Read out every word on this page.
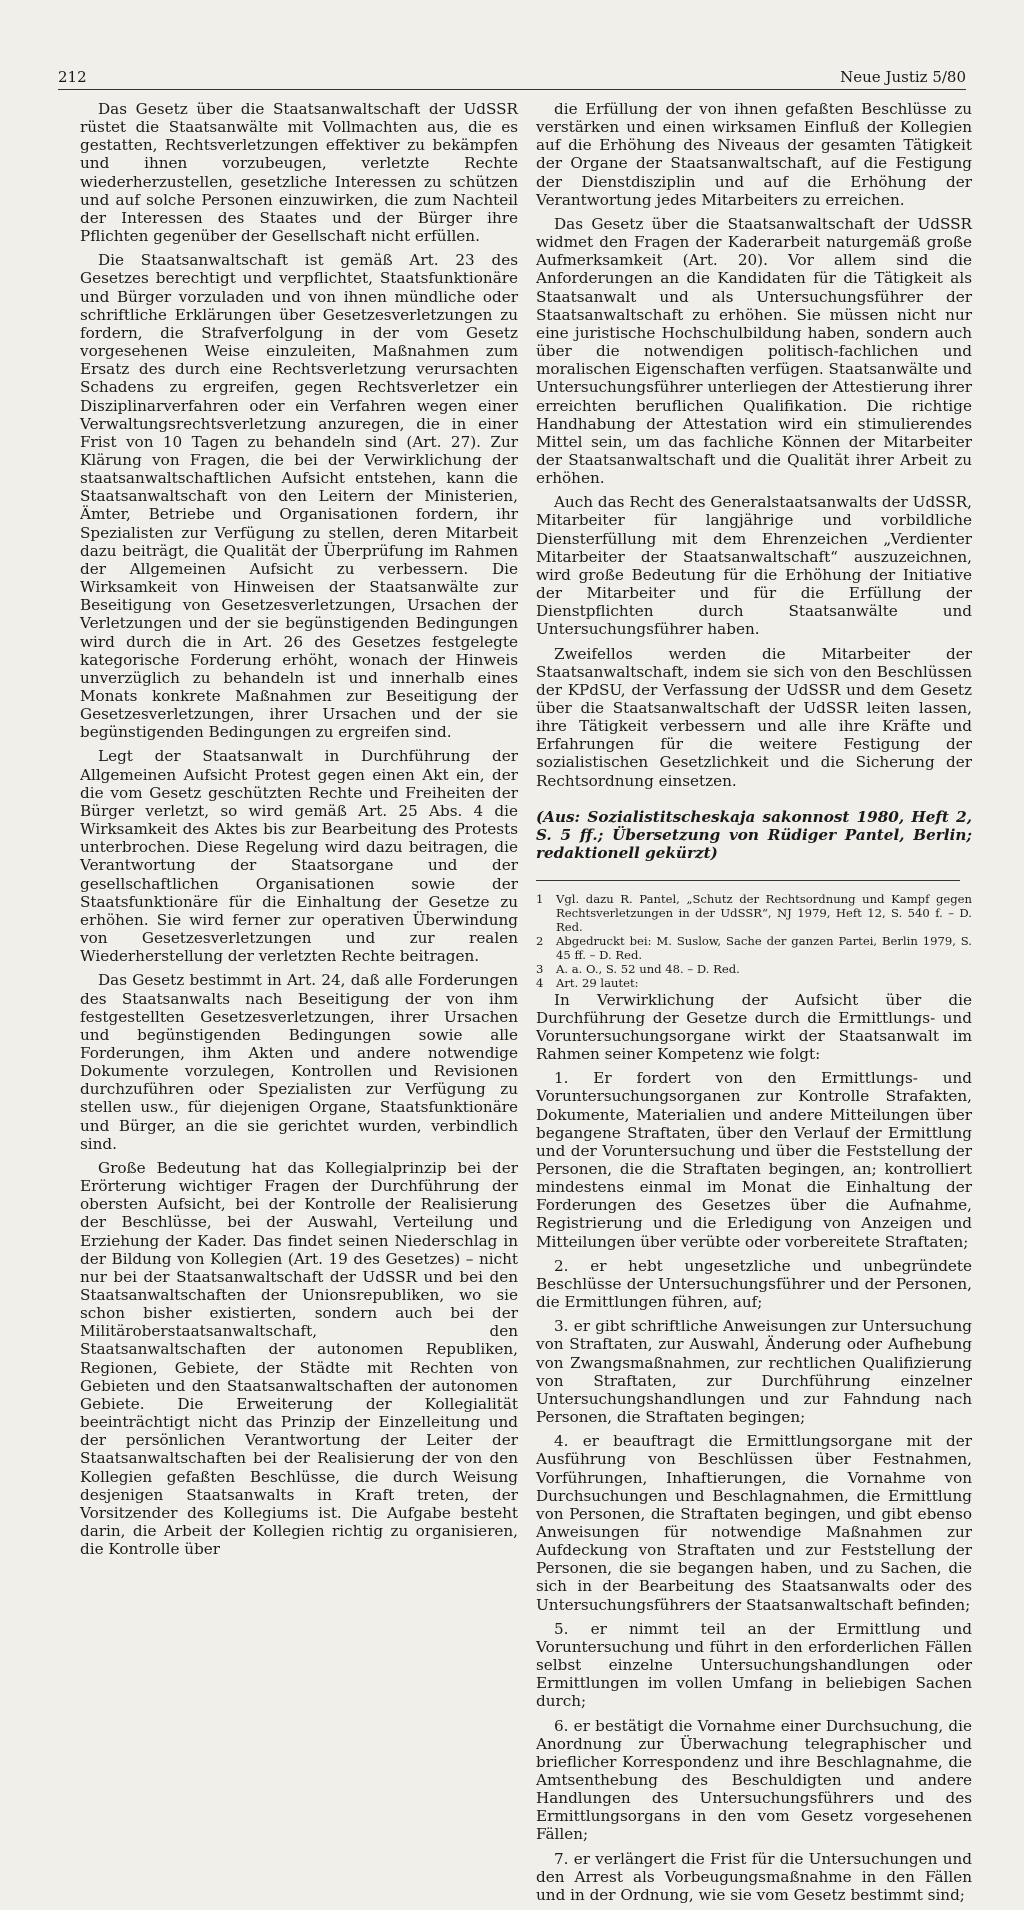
212	Neue Justiz 5/80

Das Gesetz über die Staatsanwaltschaft der UdSSR rüstet die Staatsanwälte mit Vollmachten aus, die es gestatten, Rechtsverletzungen effektiver zu bekämpfen und ihnen vorzubeugen, verletzte Rechte wiederherzustellen, gesetzliche Interessen zu schützen und auf solche Personen einzuwirken, die zum Nachteil der Interessen des Staates und der Bürger ihre Pflichten gegenüber der Gesellschaft nicht erfüllen.

Die Staatsanwaltschaft ist gemäß Art. 23 des Gesetzes berechtigt und verpflichtet, Staatsfunktionäre und Bürger vorzuladen und von ihnen mündliche oder schriftliche Erklärungen über Gesetzesverletzungen zu fordern, die Strafverfolgung in der vom Gesetz vorgesehenen Weise einzuleiten, Maßnahmen zum Ersatz des durch eine Rechtsverletzung verursachten Schadens zu ergreifen, gegen Rechtsverletzer ein Disziplinarverfahren oder ein Verfahren wegen einer Verwaltungsrechtsverletzung anzuregen, die in einer Frist von 10 Tagen zu behandeln sind (Art. 27). Zur Klärung von Fragen, die bei der Verwirklichung der staatsanwaltschaftlichen Aufsicht entstehen, kann die Staatsanwaltschaft von den Leitern der Ministerien, Ämter, Betriebe und Organisationen fordern, ihr Spezialisten zur Verfügung zu stellen, deren Mitarbeit dazu beiträgt, die Qualität der Überprüfung im Rahmen der Allgemeinen Aufsicht zu verbessern. Die Wirksamkeit von Hinweisen der Staatsanwälte zur Beseitigung von Gesetzesverletzungen, Ursachen der Verletzungen und der sie begünstigenden Bedingungen wird durch die in Art. 26 des Gesetzes festgelegte kategorische Forderung erhöht, wonach der Hinweis unverzüglich zu behandeln ist und innerhalb eines Monats konkrete Maßnahmen zur Beseitigung der Gesetzesverletzungen, ihrer Ursachen und der sie begünstigenden Bedingungen zu ergreifen sind.

Legt der Staatsanwalt in Durchführung der Allgemeinen Aufsicht Protest gegen einen Akt ein, der die vom Gesetz geschützten Rechte und Freiheiten der Bürger verletzt, so wird gemäß Art. 25 Abs. 4 die Wirksamkeit des Aktes bis zur Bearbeitung des Protests unterbrochen. Diese Regelung wird dazu beitragen, die Verantwortung der Staatsorgane und der gesellschaftlichen Organisationen sowie der Staatsfunktionäre für die Einhaltung der Gesetze zu erhöhen. Sie wird ferner zur operativen Überwindung von Gesetzesverletzungen und zur realen Wiederherstellung der verletzten Rechte beitragen.

Das Gesetz bestimmt in Art. 24, daß alle Forderungen des Staatsanwalts nach Beseitigung der von ihm festgestellten Gesetzesverletzungen, ihrer Ursachen und begünstigenden Bedingungen sowie alle Forderungen, ihm Akten und andere notwendige Dokumente vorzulegen, Kontrollen und Revisionen durchzuführen oder Spezialisten zur Verfügung zu stellen usw., für diejenigen Organe, Staatsfunktionäre und Bürger, an die sie gerichtet wurden, verbindlich sind.

Große Bedeutung hat das Kollegialprinzip bei der Erörterung wichtiger Fragen der Durchführung der obersten Aufsicht, bei der Kontrolle der Realisierung der Beschlüsse, bei der Auswahl, Verteilung und Erziehung der Kader. Das findet seinen Niederschlag in der Bildung von Kollegien (Art. 19 des Gesetzes) – nicht nur bei der Staatsanwaltschaft der UdSSR und bei den Staatsanwaltschaften der Unionsrepubliken, wo sie schon bisher existierten, sondern auch bei der Militäroberstaatsanwaltschaft, den Staatsanwaltschaften der autonomen Republiken, Regionen, Gebiete, der Städte mit Rechten von Gebieten und den Staatsanwaltschaften der autonomen Gebiete. Die Erweiterung der Kollegialität beeinträchtigt nicht das Prinzip der Einzelleitung und der persönlichen Verantwortung der Leiter der Staatsanwaltschaften bei der Realisierung der von den Kollegien gefaßten Beschlüsse, die durch Weisung desjenigen Staatsanwalts in Kraft treten, der Vorsitzender des Kollegiums ist. Die Aufgabe besteht darin, die Arbeit der Kollegien richtig zu organisieren, die Kontrolle über

die Erfüllung der von ihnen gefaßten Beschlüsse zu verstärken und einen wirksamen Einfluß der Kollegien auf die Erhöhung des Niveaus der gesamten Tätigkeit der Organe der Staatsanwaltschaft, auf die Festigung der Dienstdisziplin und auf die Erhöhung der Verantwortung jedes Mitarbeiters zu erreichen.

Das Gesetz über die Staatsanwaltschaft der UdSSR widmet den Fragen der Kaderarbeit naturgemäß große Aufmerksamkeit (Art. 20). Vor allem sind die Anforderungen an die Kandidaten für die Tätigkeit als Staatsanwalt und als Untersuchungsführer der Staatsanwaltschaft zu erhöhen. Sie müssen nicht nur eine juristische Hochschulbildung haben, sondern auch über die notwendigen politisch-fachlichen und moralischen Eigenschaften verfügen. Staatsanwälte und Untersuchungsführer unterliegen der Attestierung ihrer erreichten beruflichen Qualifikation. Die richtige Handhabung der Attestation wird ein stimulierendes Mittel sein, um das fachliche Können der Mitarbeiter der Staatsanwaltschaft und die Qualität ihrer Arbeit zu erhöhen.

Auch das Recht des Generalstaatsanwalts der UdSSR, Mitarbeiter für langjährige und vorbildliche Diensterfüllung mit dem Ehrenzeichen „Verdienter Mitarbeiter der Staatsanwaltschaft“ auszuzeichnen, wird große Bedeutung für die Erhöhung der Initiative der Mitarbeiter und für die Erfüllung der Dienstpflichten durch Staatsanwälte und Untersuchungsführer haben.

Zweifellos werden die Mitarbeiter der Staatsanwaltschaft, indem sie sich von den Beschlüssen der KPdSU, der Verfassung der UdSSR und dem Gesetz über die Staatsanwaltschaft der UdSSR leiten lassen, ihre Tätigkeit verbessern und alle ihre Kräfte und Erfahrungen für die weitere Festigung der sozialistischen Gesetzlichkeit und die Sicherung der Rechtsordnung einsetzen.

(Aus: Sozialistitscheskaja sakonnost 1980, Heft 2, S. 5 ff.; Übersetzung von Rüdiger Pantel, Berlin; redaktionell gekürzt)

1	Vgl. dazu R. Pantel, „Schutz der Rechtsordnung und Kampf gegen Rechtsverletzungen in der UdSSR“, NJ 1979, Heft 12, S. 540 f. – D. Red.
2	Abgedruckt bei: M. Suslow, Sache der ganzen Partei, Berlin 1979, S. 45 ff. – D. Red.
3	A. a. O., S. 52 und 48. – D. Red.
4	Art. 29 lautet:

In Verwirklichung der Aufsicht über die Durchführung der Gesetze durch die Ermittlungs- und Voruntersuchungsorgane wirkt der Staatsanwalt im Rahmen seiner Kompetenz wie folgt:

1. Er fordert von den Ermittlungs- und Voruntersuchungsorganen zur Kontrolle Strafakten, Dokumente, Materialien und andere Mitteilungen über begangene Straftaten, über den Verlauf der Ermittlung und der Voruntersuchung und über die Feststellung der Personen, die die Straftaten begingen, an; kontrolliert mindestens einmal im Monat die Einhaltung der Forderungen des Gesetzes über die Aufnahme, Registrierung und die Erledigung von Anzeigen und Mitteilungen über verübte oder vorbereitete Straftaten;

2. er hebt ungesetzliche und unbegründete Beschlüsse der Untersuchungsführer und der Personen, die Ermittlungen führen, auf;

3. er gibt schriftliche Anweisungen zur Untersuchung von Straftaten, zur Auswahl, Änderung oder Aufhebung von Zwangsmaßnahmen, zur rechtlichen Qualifizierung von Straftaten, zur Durchführung einzelner Untersuchungshandlungen und zur Fahndung nach Personen, die Straftaten begingen;

4. er beauftragt die Ermittlungsorgane mit der Ausführung von Beschlüssen über Festnahmen, Vorführungen, Inhaftierungen, die Vornahme von Durchsuchungen und Beschlagnahmen, die Ermittlung von Personen, die Straftaten begingen, und gibt ebenso Anweisungen für notwendige Maßnahmen zur Aufdeckung von Straftaten und zur Feststellung der Personen, die sie begangen haben, und zu Sachen, die sich in der Bearbeitung des Staatsanwalts oder des Untersuchungsführers der Staatsanwaltschaft befinden;

5. er nimmt teil an der Ermittlung und Voruntersuchung und führt in den erforderlichen Fällen selbst einzelne Untersuchungshandlungen oder Ermittlungen im vollen Umfang in beliebigen Sachen durch;

6. er bestätigt die Vornahme einer Durchsuchung, die Anordnung zur Überwachung telegraphischer und brieflicher Korrespondenz und ihre Beschlagnahme, die Amtsenthebung des Beschuldigten und andere Handlungen des Untersuchungsführers und des Ermittlungsorgans in den vom Gesetz vorgesehenen Fällen;

7. er verlängert die Frist für die Untersuchungen und den Arrest als Vorbeugungsmaßnahme in den Fällen und in der Ordnung, wie sie vom Gesetz bestimmt sind;
